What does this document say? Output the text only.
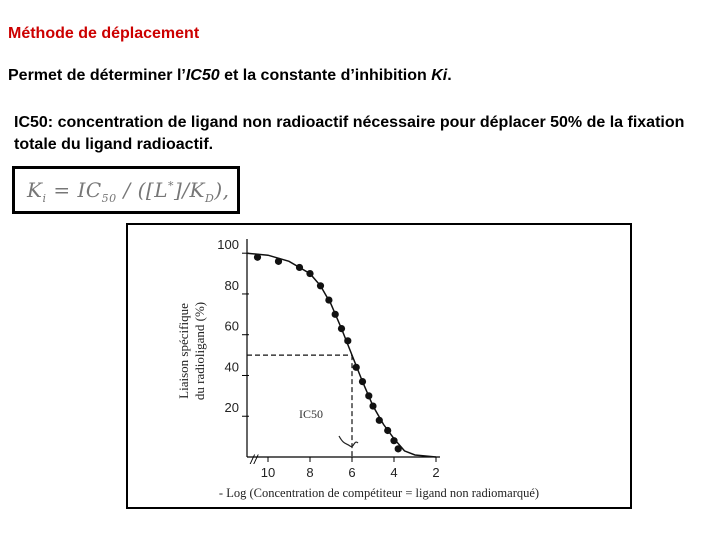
Méthode de déplacement
Permet de déterminer l’IC50 et la constante d’inhibition Ki.
IC50: concentration de ligand non radioactif nécessaire pour déplacer 50% de la fixation totale du ligand radioactif.
$K_i = IC_{50} / ([L^*]/K_D)$,
100
80
60
40
20
10 8	6	4	2
//
IC50
- Log (Concentration de compétiteur = ligand non radiomarqué)
Liaison spécifique du radioligand (%)
